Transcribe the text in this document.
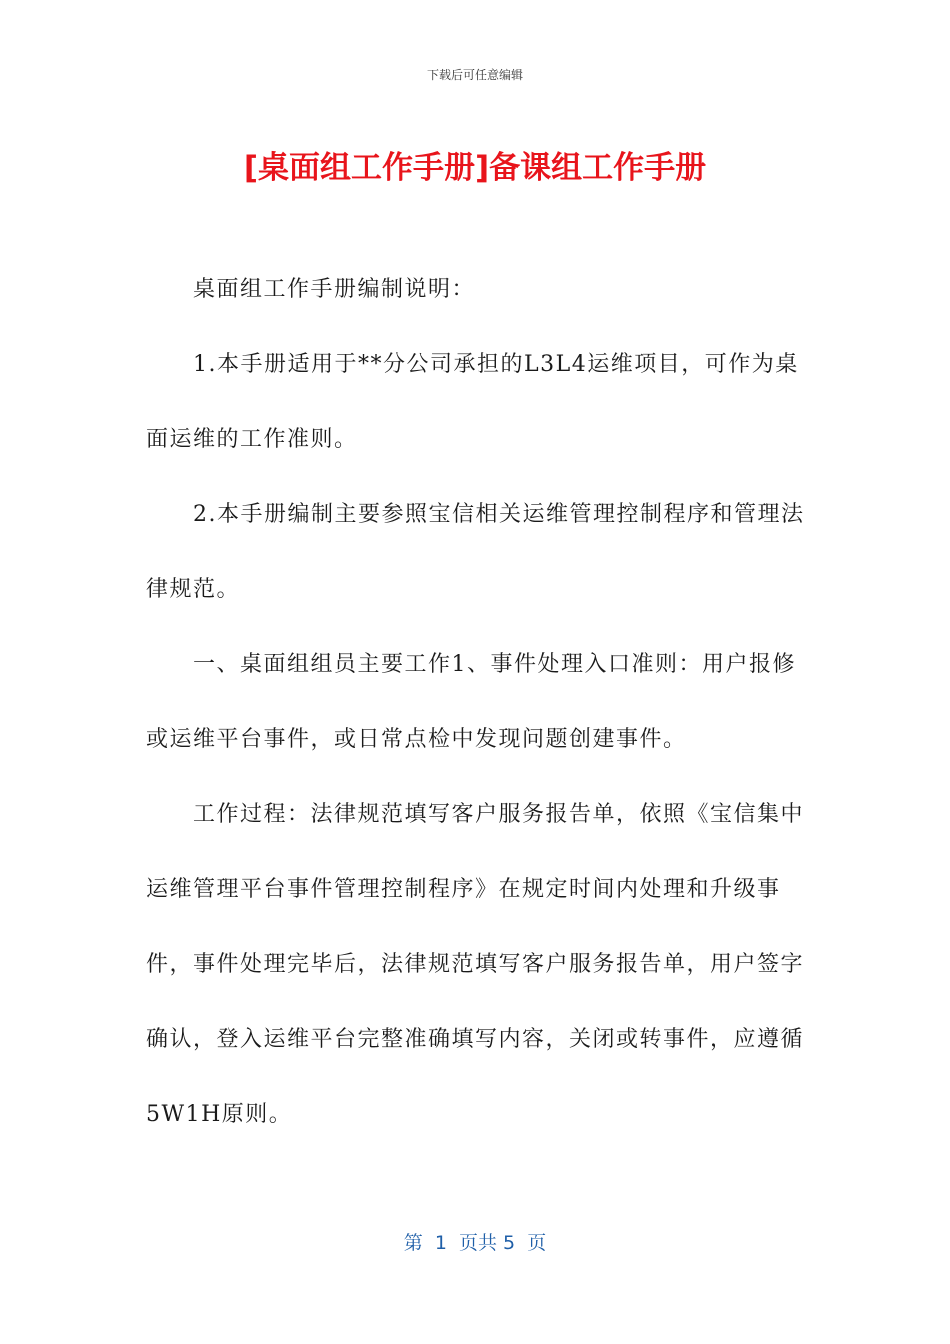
下载后可任意编辑
[桌面组工作手册]备课组工作手册

桌面组工作手册编制说明：

1.本手册适用于**分公司承担的L3L4运维项目，可作为桌面运维的工作准则。

2.本手册编制主要参照宝信相关运维管理控制程序和管理法律规范。

一、桌面组组员主要工作1、事件处理入口准则：用户报修或运维平台事件，或日常点检中发现问题创建事件。

工作过程：法律规范填写客户服务报告单，依照《宝信集中运维管理平台事件管理控制程序》在规定时间内处理和升级事件，事件处理完毕后，法律规范填写客户服务报告单，用户签字确认，登入运维平台完整准确填写内容，关闭或转事件，应遵循5W1H原则。

第  1  页共 5  页
